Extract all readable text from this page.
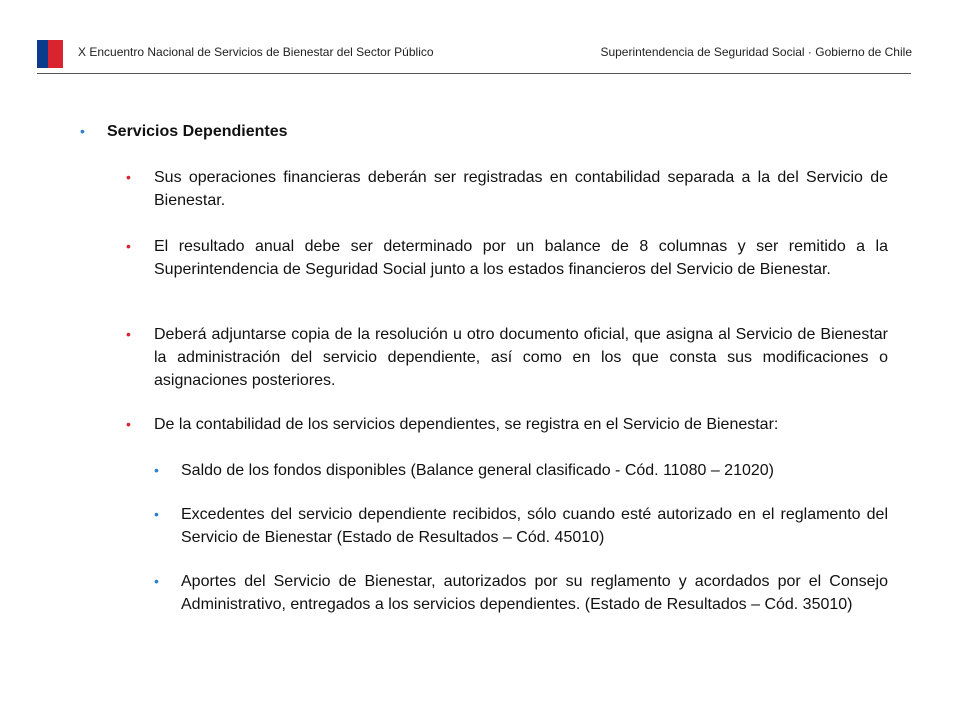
X Encuentro Nacional de Servicios de Bienestar del Sector Público	Superintendencia de Seguridad Social · Gobierno de Chile
• Servicios Dependientes
• Sus operaciones financieras deberán ser registradas en contabilidad separada a la del Servicio de Bienestar.
• El resultado anual debe ser determinado por un balance de 8 columnas y ser remitido a la Superintendencia de Seguridad Social junto a los estados financieros del Servicio de Bienestar.
• Deberá adjuntarse copia de la resolución u otro documento oficial, que asigna al Servicio de Bienestar la administración del servicio dependiente, así como en los que consta sus modificaciones o asignaciones posteriores.
• De la contabilidad de los servicios dependientes, se registra en el Servicio de Bienestar:
• Saldo de los fondos disponibles (Balance general clasificado - Cód. 11080 – 21020)
• Excedentes del servicio dependiente recibidos, sólo cuando esté autorizado en el reglamento del Servicio de Bienestar (Estado de Resultados – Cód. 45010)
• Aportes del Servicio de Bienestar, autorizados por su reglamento y acordados por el Consejo Administrativo, entregados a los servicios dependientes. (Estado de Resultados – Cód. 35010)
